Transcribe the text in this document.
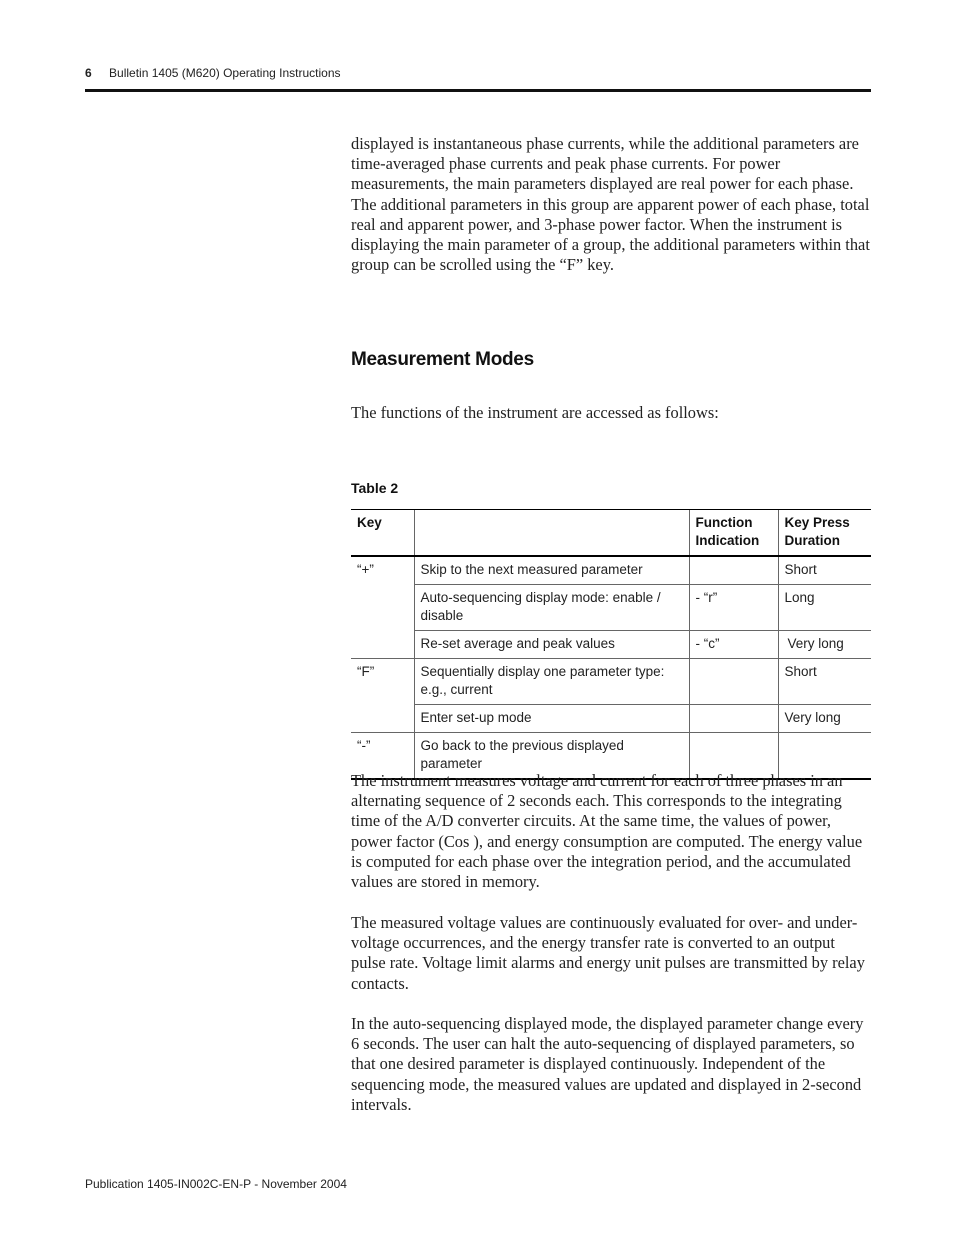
6 Bulletin 1405 (M620) Operating Instructions

displayed is instantaneous phase currents, while the additional parameters are time-averaged phase currents and peak phase currents. For power measurements, the main parameters displayed are real power for each phase. The additional parameters in this group are apparent power of each phase, total real and apparent power, and 3-phase power factor. When the instrument is displaying the main parameter of a group, the additional parameters within that group can be scrolled using the “F” key.

Measurement Modes

The functions of the instrument are accessed as follows:

Table 2

Key		Function Indication	Key Press Duration
“+”	Skip to the next measured parameter		Short
	Auto-sequencing display mode: enable / disable	- “r”	Long
	Re-set average and peak values	- “c”	Very long
“F”	Sequentially display one parameter type: e.g., current		Short
	Enter set-up mode		Very long
“-”	Go back to the previous displayed parameter		

The instrument measures voltage and current for each of three phases in an alternating sequence of 2 seconds each. This corresponds to the integrating time of the A/D converter circuits. At the same time, the values of power, power factor (Cos ), and energy consumption are computed. The energy value is computed for each phase over the integration period, and the accumulated values are stored in memory.

The measured voltage values are continuously evaluated for over- and under-voltage occurrences, and the energy transfer rate is converted to an output pulse rate. Voltage limit alarms and energy unit pulses are transmitted by relay contacts.

In the auto-sequencing displayed mode, the displayed parameter change every 6 seconds. The user can halt the auto-sequencing of displayed parameters, so that one desired parameter is displayed continuously. Independent of the sequencing mode, the measured values are updated and displayed in 2-second intervals.

Publication 1405-IN002C-EN-P - November 2004
